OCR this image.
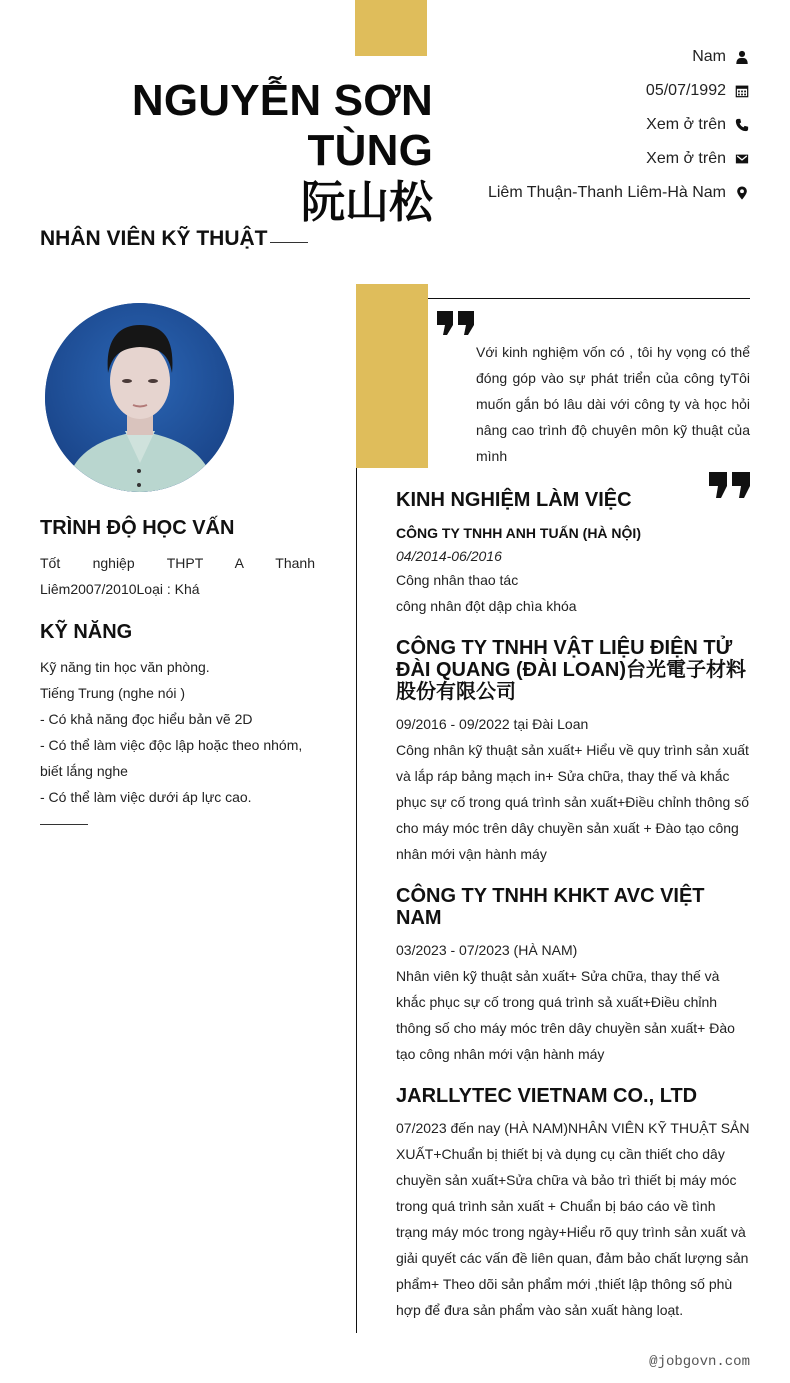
NGUYỄN SƠN TÙNG
阮山松
Nam
05/07/1992
Xem ở trên
Xem ở trên
Liêm Thuận-Thanh Liêm-Hà Nam
NHÂN VIÊN KỸ THUẬT
TRÌNH ĐỘ HỌC VẤN
Tốt nghiệp THPT A Thanh Liêm2007/2010Loại : Khá
KỸ NĂNG
Kỹ năng tin học văn phòng.
Tiếng Trung (nghe nói )
- Có khả năng đọc hiểu bản vẽ 2D
- Có thể làm việc độc lập hoặc theo nhóm, biết lắng nghe
- Có thể làm việc dưới áp lực cao.
Với kinh nghiệm vốn có , tôi hy vọng có thể đóng góp vào sự phát triển của công tyTôi muốn gắn bó lâu dài với công ty và học hỏi nâng cao trình độ chuyên môn kỹ thuật của mình
KINH NGHIỆM LÀM VIỆC
CÔNG TY TNHH ANH TUẤN (HÀ NỘI)
04/2014-06/2016
Công nhân thao tác
công nhân đột dập chìa khóa
CÔNG TY TNHH VẬT LIỆU ĐIỆN TỬ ĐÀI QUANG (ĐÀI LOAN)台光電子材料股份有限公司
09/2016 - 09/2022 tại Đài Loan
Công nhân kỹ thuật sản xuất+ Hiểu về quy trình sản xuất và lắp ráp bảng mạch in+ Sửa chữa, thay thế và khắc phục sự cố trong quá trình sản xuất+Điều chỉnh thông số cho máy móc trên dây chuyền sản xuất + Đào tạo công nhân mới vận hành máy
CÔNG TY TNHH KHKT AVC VIỆT NAM
03/2023 - 07/2023 (HÀ NAM)
Nhân viên kỹ thuật sản xuất+ Sửa chữa, thay thế và khắc phục sự cố trong quá trình sả xuất+Điều chỉnh thông số cho máy móc trên dây chuyền sản xuất+ Đào tạo công nhân mới vận hành máy
JARLLYTEC VIETNAM CO., LTD
07/2023 đến nay (HÀ NAM)NHÂN VIÊN KỸ THUẬT SẢN XUẤT+Chuẩn bị thiết bị và dụng cụ cần thiết cho dây chuyền sản xuất+Sửa chữa và bảo trì thiết bị máy móc trong quá trình sản xuất + Chuẩn bị báo cáo về tình trạng máy móc trong ngày+Hiểu rõ quy trình sản xuất và giải quyết các vấn đề liên quan, đảm bảo chất lượng sản phẩm+ Theo dõi sản phẩm mới ,thiết lập thông số phù hợp để đưa sản phẩm vào sản xuất hàng loạt.
@jobgovn.com
